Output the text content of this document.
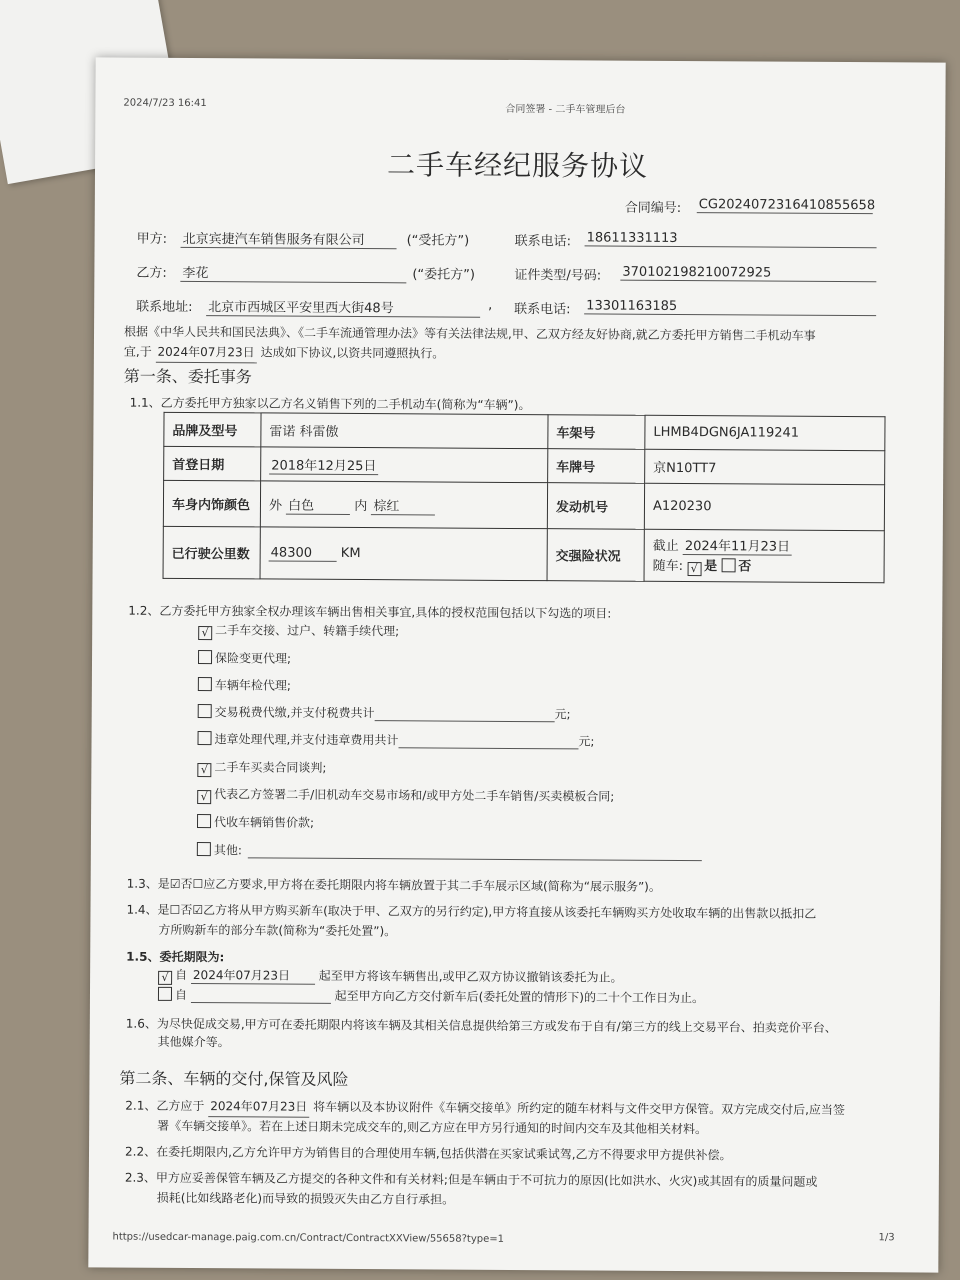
2024/7/23 16:41
合同签署 - 二手车管理后台
二手车经纪服务协议
合同编号: CG2024072316410855658
甲方: 北京宾捷汽车销售服务有限公司	(“受托方”)	联系电话: 18611331113
乙方: 李花	(“委托方”)	证件类型/号码: 370102198210072925
联系地址: 北京市西城区平安里西大街48号	, 联系电话: 13301163185
根据《中华人民共和国民法典》、《二手车流通管理办法》等有关法律法规,甲、乙双方经友好协商,就乙方委托甲方销售二手机动车事
宜,于 2024年07月23日 达成如下协议,以资共同遵照执行。
第一条、委托事务
1.1、乙方委托甲方独家以乙方名义销售下列的二手机动车(简称为“车辆”)。
品牌及型号	雷诺 科雷傲	车架号	LHMB4DGN6JA119241
首登日期	2018年12月25日	车牌号	京N10TT7
车身内饰颜色	外 白色 内 棕红	发动机号	A120230
已行驶公里数	48300 KM	交强险状况	截止 2024年11月23日
随车: √ 是 否
1.2、乙方委托甲方独家全权办理该车辆出售相关事宜,具体的授权范围包括以下勾选的项目:
√ 二手车交接、过户、转籍手续代理;
保险变更代理;
车辆年检代理;
交易税费代缴,并支付税费共计	元;
违章处理代理,并支付违章费用共计	元;
√ 二手车买卖合同谈判;
√ 代表乙方签署二手/旧机动车交易市场和/或甲方处二手车销售/买卖模板合同;
代收车辆销售价款;
其他:
1.3、是☑否☐应乙方要求,甲方将在委托期限内将车辆放置于其二手车展示区域(简称为“展示服务”)。
1.4、是☐否☑乙方将从甲方购买新车(取决于甲、乙双方的另行约定),甲方将直接从该委托车辆购买方处收取车辆的出售款以抵扣乙
方所购新车的部分车款(简称为“委托处置”)。
1.5、委托期限为:
√ 自 2024年07月23日 起至甲方将该车辆售出,或甲乙双方协议撤销该委托为止。
自	起至甲方向乙方交付新车后(委托处置的情形下)的二十个工作日为止。
1.6、为尽快促成交易,甲方可在委托期限内将该车辆及其相关信息提供给第三方或发布于自有/第三方的线上交易平台、拍卖竞价平台、
其他媒介等。
第二条、车辆的交付,保管及风险
2.1、乙方应于 2024年07月23日 将车辆以及本协议附件《车辆交接单》所约定的随车材料与文件交甲方保管。双方完成交付后,应当签
署《车辆交接单》。若在上述日期未完成交车的,则乙方应在甲方另行通知的时间内交车及其他相关材料。
2.2、在委托期限内,乙方允许甲方为销售目的合理使用车辆,包括供潜在买家试乘试驾,乙方不得要求甲方提供补偿。
2.3、甲方应妥善保管车辆及乙方提交的各种文件和有关材料;但是车辆由于不可抗力的原因(比如洪水、火灾)或其固有的质量问题或
损耗(比如线路老化)而导致的损毁灭失由乙方自行承担。
https://usedcar-manage.paig.com.cn/Contract/ContractXXView/55658?type=1	1/3
